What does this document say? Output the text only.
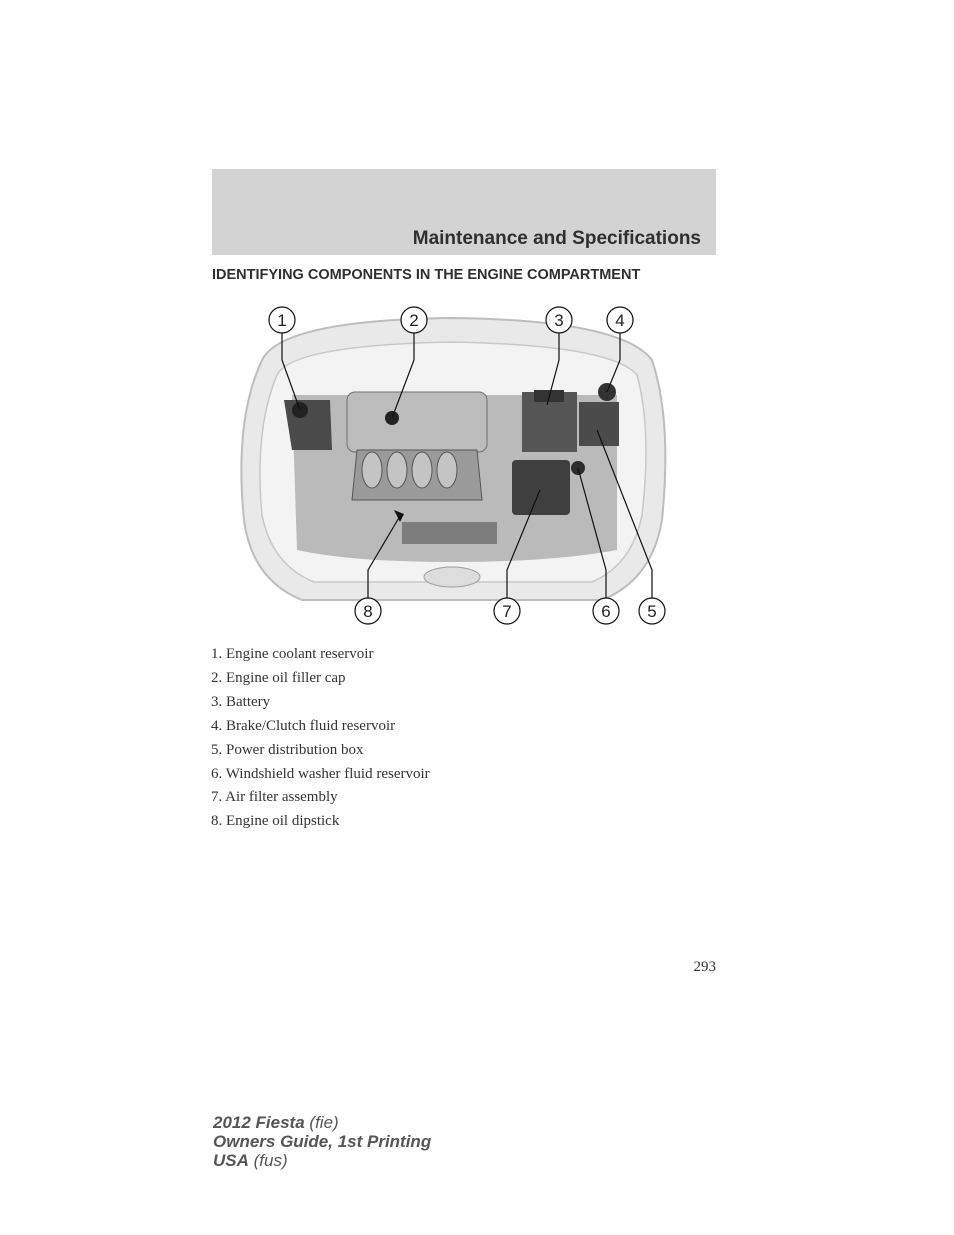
Maintenance and Specifications
IDENTIFYING COMPONENTS IN THE ENGINE COMPARTMENT
1	2	3	4
5
6
7
8
1. Engine coolant reservoir
2. Engine oil filler cap
3. Battery
4. Brake/Clutch fluid reservoir
5. Power distribution box
6. Windshield washer fluid reservoir
7. Air filter assembly
8. Engine oil dipstick
293
2012 Fiesta (fie)
Owners Guide, 1st Printing
USA (fus)
